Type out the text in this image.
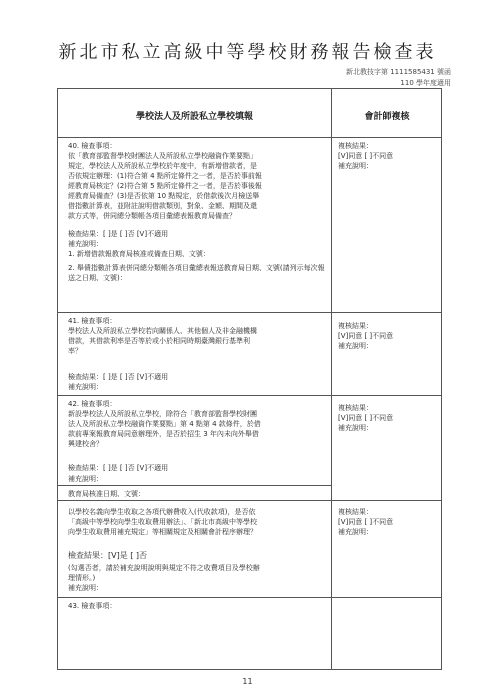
新北市私立高級中等學校財務報告檢查表
新北教技字第 1111585431 號函
110 學年度適用
學校法人及所設私立學校填報	會計師複核
40. 檢查事項：
依「教育部監督學校財團法人及所設私立學校融資作業要點」
規定，學校法人及所設私立學校於年度中，有新增借款者，是
否依規定辦理：(1)符合第 4 點所定條件之一者，是否於事前報
經教育局核定？(2)符合第 5 點所定條件之一者，是否於事後報
經教育局備查？(3)是否依第 10 點規定，於借款後次月檢送舉
借指數計算表，並附註說明借款類別，對象、金額、期間及還
款方式等，併同總分類帳各項目彙總表報教育局備查？
檢查結果：[ ]是 [ ]否 [V]不適用
補充說明：
1. 新增借款報教育局核准或備查日期、文號：
2. 舉債指數計算表併同總分類帳各項目彙總表報送教育局日期、文號(請列示每次報送之日期、文號)：
複核結果：
[V]同意 [ ]不同意
補充說明：
41. 檢查事項：
學校法人及所設私立學校若向關係人、其他個人及非金融機構
借款，其借款利率是否等於或小於相同時期臺灣銀行基準利
率？
檢查結果：[ ]是 [ ]否 [V]不適用
補充說明：
複核結果：
[V]同意 [ ]不同意
補充說明：
42. 檢查事項：
新設學校法人及所設私立學校，除符合「教育部監督學校財團
法人及所設私立學校融資作業要點」第 4 點第 4 款條件，於借
款前專案報教育局同意辦理外，是否於招生 3 年內未向外舉借
興建校舍？
檢查結果：[ ]是 [ ]否 [V]不適用
補充說明：
複核結果：
[V]同意 [ ]不同意
補充說明：
教育局核准日期、文號：
以學校名義向學生收取之各項代辦費收入(代收款項)，是否依
「高級中等學校向學生收取費用辦法」、「新北市高級中等學校
向學生收取費用補充規定」等相關規定及相關會計程序辦理？
檢查結果：[V]是 [ ]否
(勾選否者，請於補充說明說明與規定不符之收費項目及學校辦
理情形。)
補充說明：
複核結果：
[V]同意 [ ]不同意
補充說明：
43. 檢查事項：
11
